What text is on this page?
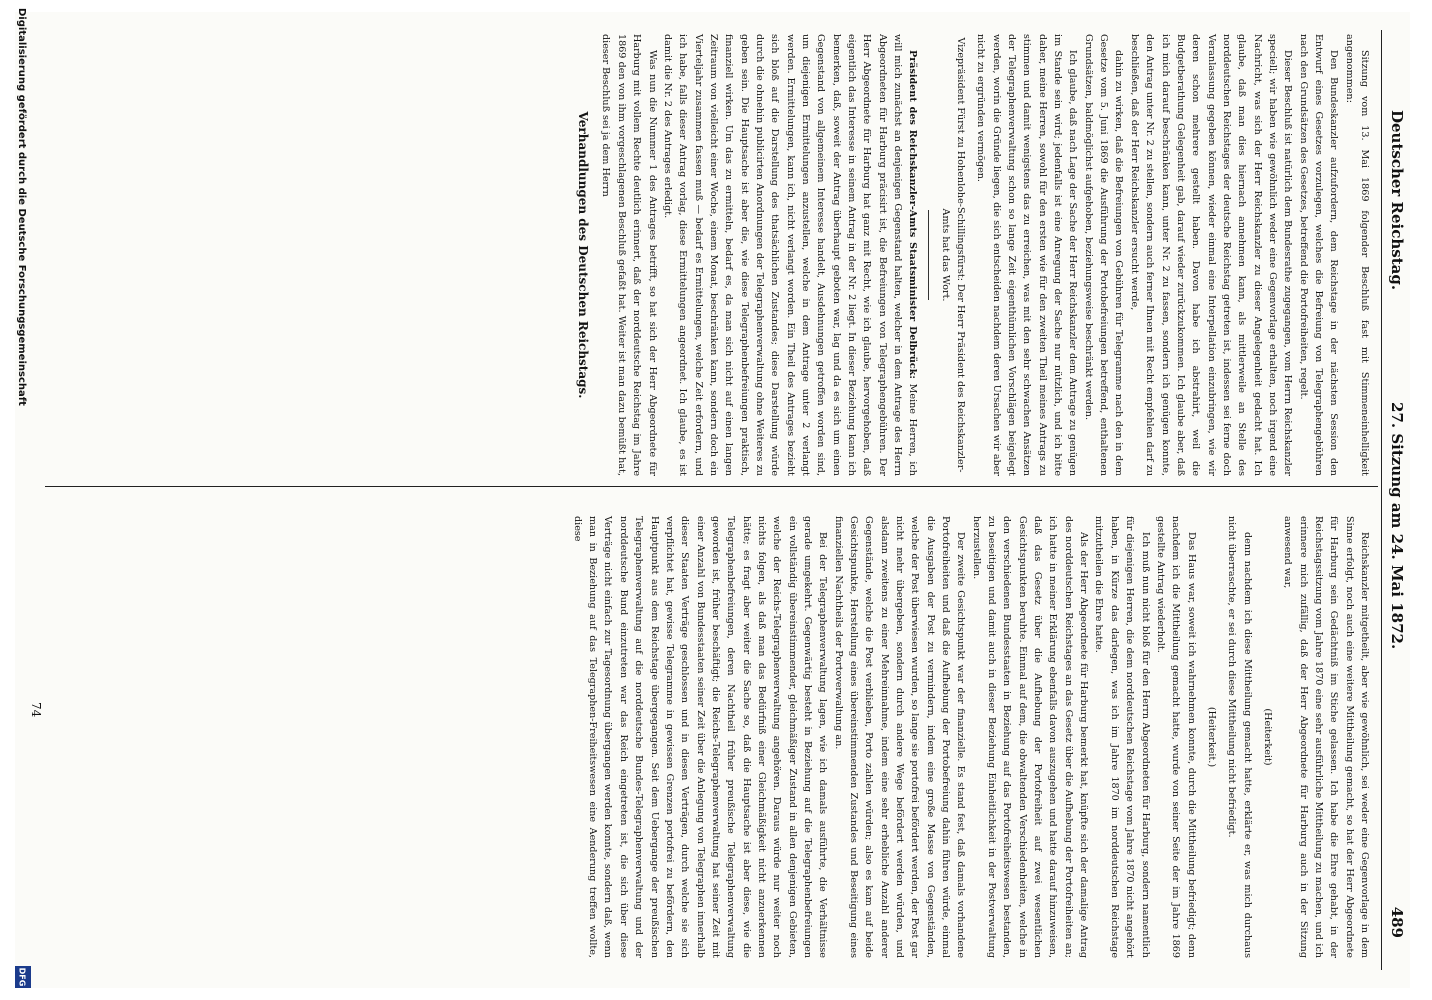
Deutscher Reichstag.
27. Sitzung am 24. Mai 1872.
489

Sitzung vom 13. Mai 1869 folgender Beschluß fast mit Stimmeneinhelligkeit angenommen:

Den Bundeskanzler aufzufordern, dem Reichstage in der nächsten Session den Entwurf eines Gesetzes vorzulegen, welches die Befreiung von Telegraphengebühren nach den Grundsätzen des Gesetzes, betreffend die Portofreiheiten, regelt.

Dieser Beschluß ist natürlich dem Bundesrathe zugegangen, vom Herrn Reichskanzler speciell; wir haben wie gewöhnlich weder eine Gegenvorlage erhalten, noch irgend eine Nachricht, was sich der Herr Reichskanzler zu dieser Angelegenheit gedacht hat. Ich glaube, daß man dies hiernach annehmen kann, als mittlerweile an Stelle des norddeutschen Reichstages der deutsche Reichstag getreten ist, indessen sei ferne doch Veranlassung gegeben können, wieder einmal eine Interpellation einzubringen, wie wir deren schon mehrere gestellt haben. Davon habe ich abstrahirt, weil die Budgetberathung Gelegenheit gab, darauf wieder zurückzukommen. Ich glaube aber, daß ich mich darauf beschränken kann, unter Nr. 2 zu fassen, sondern ich genügen konnte, den Antrag unter Nr. 2 zu stellen, sondern auch ferner Ihnen mit Recht empfehlen darf zu beschließen, daß der Herr Reichskanzler ersucht werde,

dahin zu wirken, daß die Befreiungen von Gebühren für Telegramme nach den in dem Gesetze vom 5. Juni 1869 die Ausführung der Portobefreiungen betreffend, enthaltenen Grundsätzen, baldmöglichst aufgehoben, beziehungsweise beschränkt werden.

Ich glaube, daß nach Lage der Sache der Herr Reichskanzler dem Antrage zu genügen im Stande sein wird; jedenfalls ist eine Anregung der Sache nur nützlich, und ich bitte daher, meine Herren, sowohl für den ersten wie für den zweiten Theil meines Antrags zu stimmen und damit wenigstens das zu erreichen, was mit den sehr schwachen Ansätzen der Telegraphenverwaltung schon so lange Zeit eigenthümlichen Vorschlägen beigelegt werden, worin die Gründe liegen, die sich entscheiden nachdem deren Ursachen wir aber nicht zu ergründen vermögen.

Vizepräsident Fürst zu Hohenlohe-Schillingsfürst: Der Herr Präsident des Reichskanzler-Amts hat das Wort.

Präsident des Reichskanzler-Amts Staatsminister Delbrück: Meine Herren, ich will mich zunächst an denjenigen Gegenstand halten, welcher in dem Antrage des Herrn Abgeordneten für Harburg präcisirt ist, die Befreiungen von Telegraphengebühren. Der Herr Abgeordnete für Harburg hat ganz mit Recht, wie ich glaube, hervorgehoben, daß eigentlich das Interesse in seinem Antrag in der Nr. 2 liegt. In dieser Beziehung kann ich bemerken, daß, soweit der Antrag überhaupt geboten war, lag und da es sich um einen Gegenstand von allgemeinem Interesse handelt, Ausdehnungen getroffen worden sind, um diejenigen Ermittelungen anzustellen, welche in dem Antrage unter 2 verlangt werden. Ermittelungen, kann ich, nicht verlangt worden. Ein Theil des Antrages bezieht sich bloß auf die Darstellung des thatsächlichen Zustandes; diese Darstellung würde durch die ohnehin publicirten Anordnungen der Telegraphenverwaltung ohne Weiteres zu geben sein. Die Hauptsache ist aber die, wie diese Telegraphenbefreiungen praktisch, finanziell wirken. Um das zu ermitteln, bedarf es, da man sich nicht auf einen langen Zeitraum von vielleicht einer Woche, einem Monat, beschränken kann, sondern doch ein Vierteljahr zusammen fassen muß — bedarf es Ermittelungen, welche Zeit erfordern, und ich habe, falls dieser Antrag vorlag, diese Ermittelungen angeordnet. Ich glaube, es ist damit die Nr. 2 des Antrages erledigt.

Was nun die Nummer 1 des Antrages betrifft, so hat sich der Herr Abgeordnete für Harburg mit vollem Rechte deutlich erinnert, daß der norddeutsche Reichstag im Jahre 1869 den von ihm vorgeschlagenen Beschluß gefaßt hat. Weiter ist man dazu bemüßt hat, dieser Beschluß sei ja dem Herrn

Verhandlungen des Deutschen Reichstags.

Reichskanzler mitgetheilt, aber wie gewöhnlich, sei weder eine Gegenvorlage in dem Sinne erfolgt, noch auch eine weitere Mittheilung gemacht, so hat der Herr Abgeordnete für Harburg sein Gedächtniß im Stiche gelassen. Ich habe die Ehre gehabt, in der Reichstagssitzung vom Jahre 1870 eine sehr ausführliche Mittheilung zu machen, und ich erinnere mich zufällig, daß der Herr Abgeordnete für Harburg auch in der Sitzung anwesend war,

(Heiterkeit)

denn nachdem ich diese Mittheilung gemacht hatte, erklärte er, was mich durchaus nicht überraschte, er sei durch diese Mittheilung nicht befriedigt.

(Heiterkeit.)

Das Haus war, soweit ich wahrnehmen konnte, durch die Mittheilung befriedigt; denn nachdem ich die Mittheilung gemacht hatte, wurde von seiner Seite der im Jahre 1869 gestellte Antrag wiederholt.

Ich muß nun nicht bloß für den Herrn Abgeordneten für Harburg, sondern namentlich für diejenigen Herren, die dem norddeutschen Reichstage vom Jahre 1870 nicht angehört haben, in Kürze das darlegen, was ich im Jahre 1870 im norddeutschen Reichstage mitzutheilen die Ehre hatte.

Als der Herr Abgeordnete für Harburg bemerkt hat, knüpfte sich der damalige Antrag des norddeutschen Reichstages an das Gesetz über die Aufhebung der Portofreiheiten an; ich hatte in meiner Erklärung ebenfalls davon auszugehen und hatte darauf hinzuweisen, daß das Gesetz über die Aufhebung der Portofreiheit auf zwei wesentlichen Gesichtspunkten beruhte. Einmal auf dem, die obwaltenden Verschiedenheiten, welche in den verschiedenen Bundesstaaten in Beziehung auf das Portofreiheitswesen bestanden, zu beseitigen und damit auch in dieser Beziehung Einheitlichkeit in der Postverwaltung herzustellen.

Der zweite Gesichtspunkt war der finanzielle. Es stand fest, daß damals vorhandene Portofreiheiten und daß die Aufhebung der Portobefreiung dahin führen würde, einmal die Ausgaben der Post zu vermindern, indem eine große Masse von Gegenständen, welche der Post überwiesen wurden, so lange sie portofrei befördert werden, der Post gar nicht mehr übergeben, sondern durch andere Wege befördert werden würden, und alsdann zweitens zu einer Mehreinnahme, indem eine sehr erhebliche Anzahl anderer Gegenstände, welche die Post verblieben, Porto zahlen würden; also es kam auf beide Gesichtspunkte, Herstellung eines übereinstimmenden Zustandes und Beseitigung eines finanziellen Nachtheils der Portoverwaltung an.

Bei der Telegraphenverwaltung lagen, wie ich damals ausführte, die Verhältnisse gerade umgekehrt. Gegenwärtig besteht in Beziehung auf die Telegraphenbefreiungen ein vollständig übereinstimmender, gleichmäßiger Zustand in allen denjenigen Gebieten, welche der Reichs-Telegraphenverwaltung angehören. Daraus würde nur weiter noch nichts folgen, als daß man das Bedürfniß einer Gleichmäßigkeit nicht anzuerkennen hätte; es fragt aber weiter die Sache so, daß die Hauptsache ist aber diese, wie die Telegraphenbefreiungen, deren Nachtheil früher preußische Telegraphenverwaltung geworden ist, früher beschäftigt; die Reichs-Telegraphenverwaltung hat seiner Zeit mit einer Anzahl von Bundesstaaten seiner Zeit über die Anlegung von Telegraphen innerhalb dieser Staaten Verträge geschlossen und in diesen Verträgen, durch welche sie sich verpflichtet hat, gewisse Telegramme in gewissen Grenzen portofrei zu befördern, den Hauptpunkt aus dem Reichstage übergegangen. Seit dem Uebergange der preußischen Telegraphenverwaltung auf die norddeutsche Bundes-Telegraphenverwaltung und der norddeutsche Bund einzutreten war das Reich eingetreten ist, die sich über diese Verträge nicht einfach zur Tagesordnung übergangen werden konnte, sondern daß, wenn man in Beziehung auf das Telegraphen-Freiheitswesen eine Aenderung treffen wollte, diese

74
Digitalisierung gefördert durch die Deutsche Forschungsgemeinschaft
DFG
